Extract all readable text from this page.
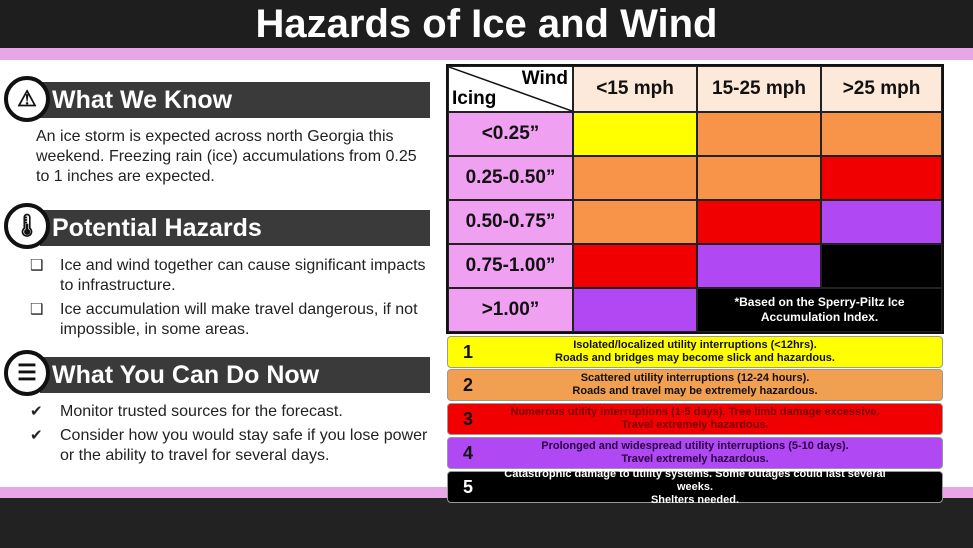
Hazards of Ice and Wind
What We Know
⚠
An ice storm is expected across north Georgia this weekend. Freezing rain (ice) accumulations from 0.25 to 1 inches are expected.
Potential Hazards
🌡
❑ Ice and wind together can cause significant impacts to infrastructure.
❑ Ice accumulation will make travel dangerous, if not impossible, in some areas.
What You Can Do Now
☰
✔ Monitor trusted sources for the forecast.
✔ Consider how you would stay safe if you lose power or the ability to travel for several days.
Wind
Icing	<15 mph	15-25 mph	>25 mph
<0.25”
0.25-0.50”
0.50-0.75”
0.75-1.00”
>1.00”	*Based on the Sperry-Piltz Ice Accumulation Index.
1	Isolated/localized utility interruptions (<12hrs).
Roads and bridges may become slick and hazardous.
2	Scattered utility interruptions (12-24 hours).
Roads and travel may be extremely hazardous.
3	Numerous utility interruptions (1-5 days). Tree limb damage excessive.
Travel extremely hazardous.
4	Prolonged and widespread utility interruptions (5-10 days).
Travel extremely hazardous.
5
Catastrophic damage to utility systems. Some outages could last several weeks.
Shelters needed.
